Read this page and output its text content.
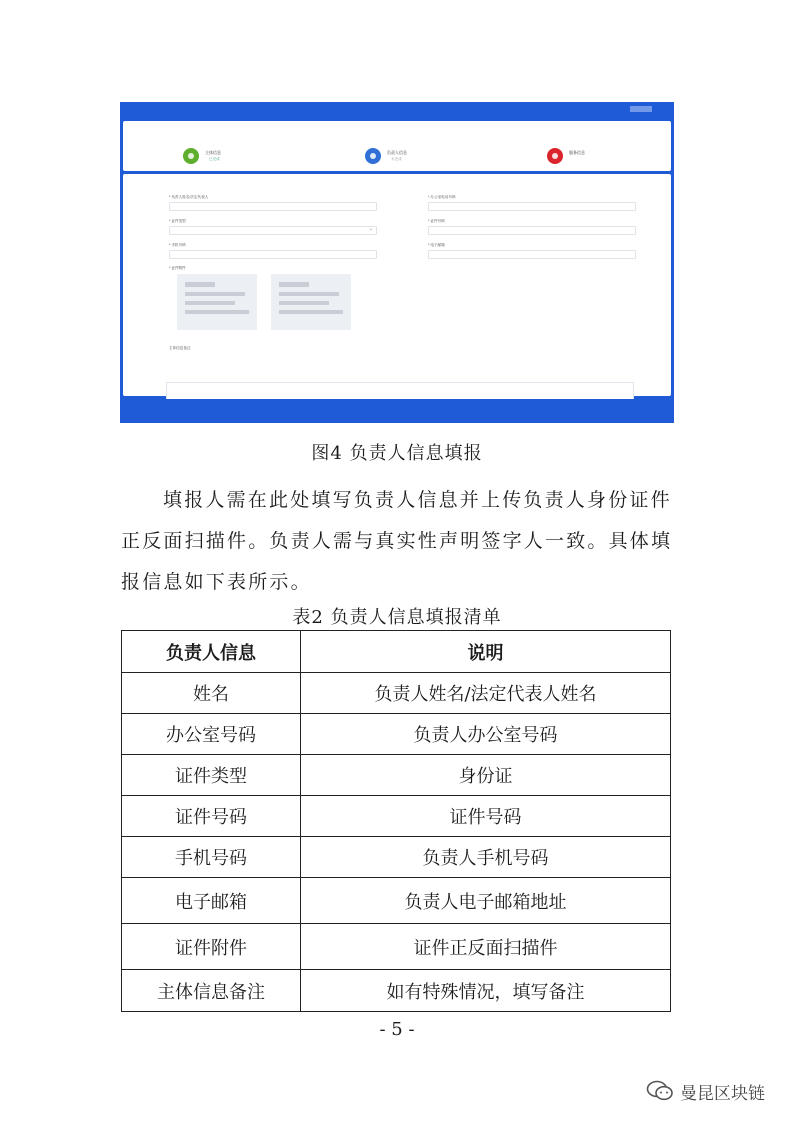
主体信息
已完成
负责人信息
未完成
服务信息
* 负责人姓名/法定代表人	* 办公室电话号码
* 证件类型
⌄
* 证件号码
* 手机号码	* 电子邮箱
* 证件附件
主体信息备注
图4 负责人信息填报

填报人需在此处填写负责人信息并上传负责人身份证件正反面扫描件。负责人需与真实性声明签字人一致。具体填报信息如下表所示。

表2 负责人信息填报清单
负责人信息	说明
姓名	负责人姓名/法定代表人姓名
办公室号码	负责人办公室号码
证件类型	身份证
证件号码	证件号码
手机号码	负责人手机号码
电子邮箱	负责人电子邮箱地址
证件附件	证件正反面扫描件
主体信息备注	如有特殊情况，填写备注
- 5 -
曼昆区块链
